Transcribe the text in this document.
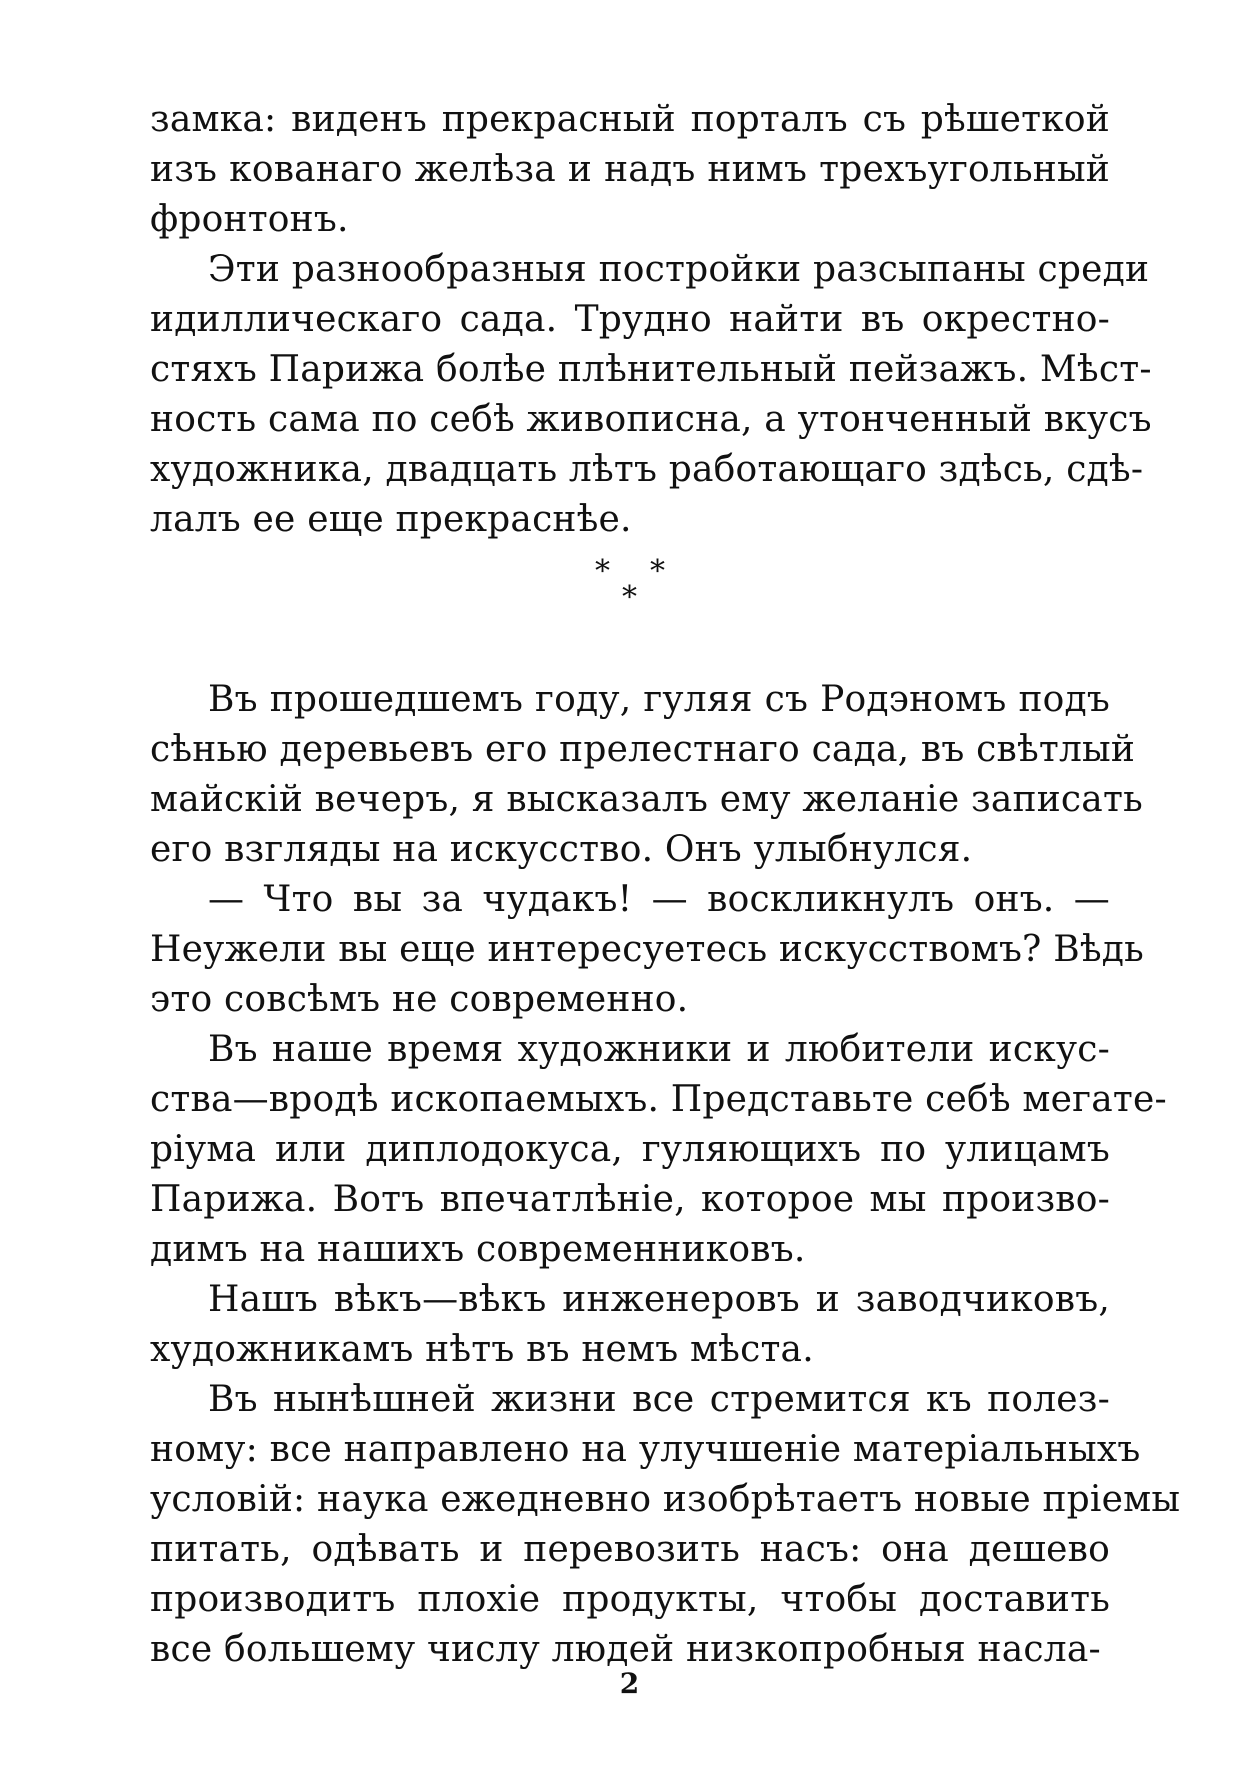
замка: виденъ прекрасный порталъ съ рѣшеткой
изъ кованаго желѣза и надъ нимъ трехъугольный
фронтонъ.
Эти разнообразныя постройки разсыпаны среди
идиллическаго сада. Трудно найти въ окрестно-
стяхъ Парижа болѣе плѣнительный пейзажъ. Мѣст-
ность сама по себѣ живописна, а утонченный вкусъ
художника, двадцать лѣтъ работающаго здѣсь, сдѣ-
лалъ ее еще прекраснѣе.
* *
*
Въ прошедшемъ году, гуляя съ Родэномъ подъ
сѣнью деревьевъ его прелестнаго сада, въ свѣтлый
майскій вечеръ, я высказалъ ему желаніе записать
его взгляды на искусство. Онъ улыбнулся.
— Что вы за чудакъ! — воскликнулъ онъ. —
Неужели вы еще интересуетесь искусствомъ? Вѣдь
это совсѣмъ не современно.
Въ наше время художники и любители искус-
ства—вродѣ ископаемыхъ. Представьте себѣ мегате-
ріума или диплодокуса, гуляющихъ по улицамъ
Парижа. Вотъ впечатлѣніе, которое мы произво-
димъ на нашихъ современниковъ.
Нашъ вѣкъ—вѣкъ инженеровъ и заводчиковъ,
художникамъ нѣтъ въ немъ мѣста.
Въ нынѣшней жизни все стремится къ полез-
ному: все направлено на улучшеніе матеріальныхъ
условій: наука ежедневно изобрѣтаетъ новые пріемы
питать, одѣвать и перевозить насъ: она дешево
производитъ плохіе продукты, чтобы доставить
все большему числу людей низкопробныя насла-
2
